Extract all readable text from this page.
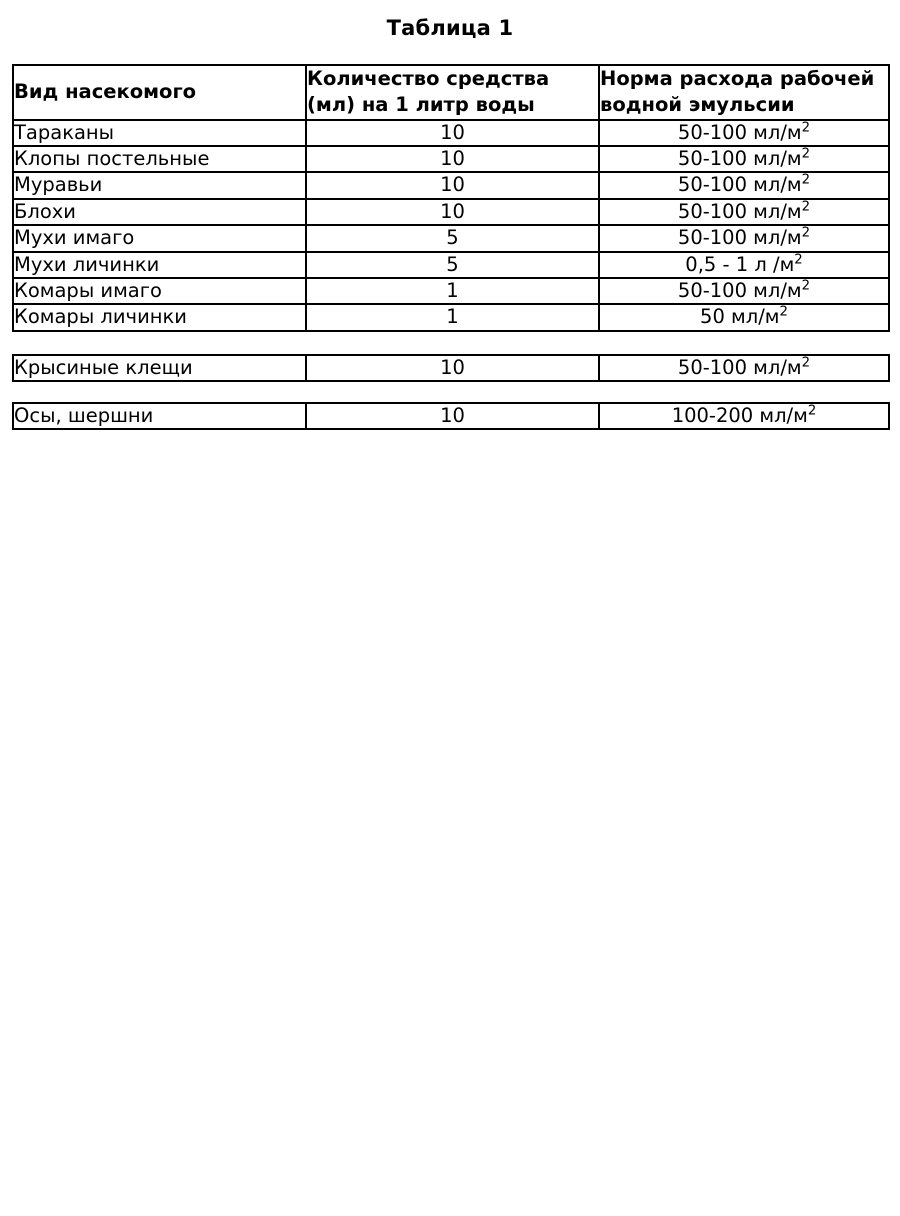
Таблица 1
Вид насекомого	Количество средства (мл) на 1 литр воды	Норма расхода рабочей водной эмульсии
Тараканы	10	50-100 $мл/м^2$
Клопы постельные	10	50-100 $мл/м^2$
Муравьи	10	50-100 $мл/м^2$
Блохи	10	50-100 $мл/м^2$
Мухи имаго	5	50-100 $мл/м^2$
Мухи личинки	5	0,5 - 1 л $/м^2$
Комары имаго	1	50-100 $мл/м^2$
Комары личинки	1	50 $мл/м^2$
Крысиные клещи	10	50-100 $мл/м^2$
Осы, шершни	10	100-200 $мл/м^2$
